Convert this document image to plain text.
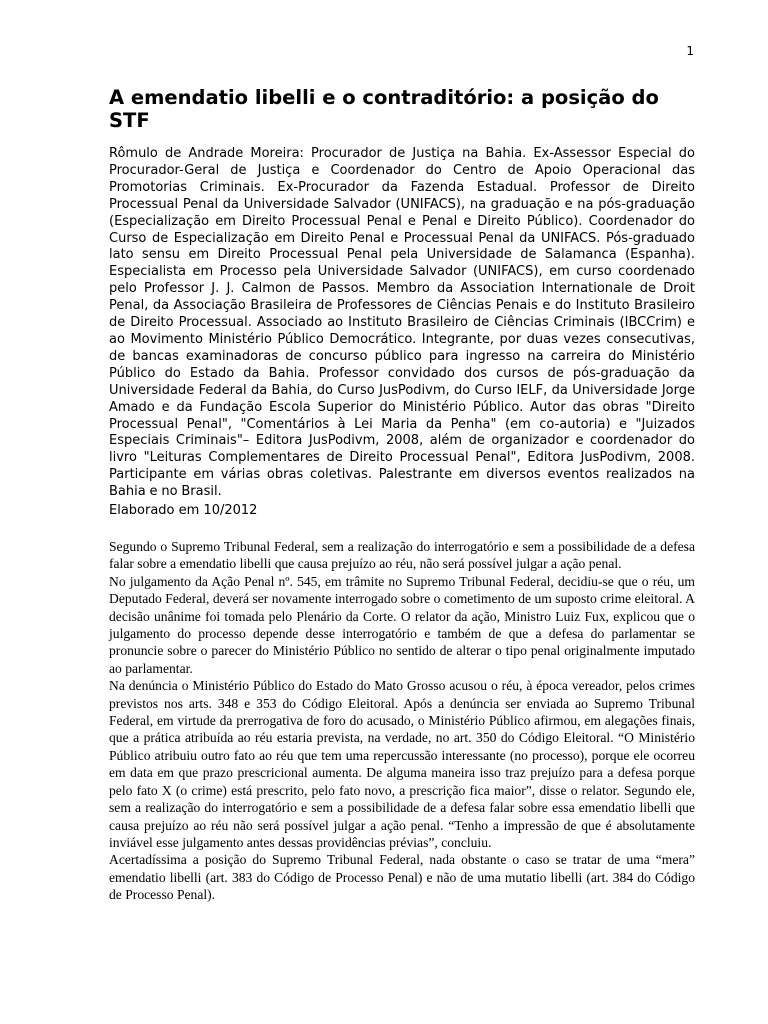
1
A emendatio libelli e o contraditório: a posição do STF

Rômulo de Andrade Moreira: Procurador de Justiça na Bahia. Ex-Assessor Especial do Procurador-Geral de Justiça e Coordenador do Centro de Apoio Operacional das Promotorias Criminais. Ex-Procurador da Fazenda Estadual. Professor de Direito Processual Penal da Universidade Salvador (UNIFACS), na graduação e na pós-graduação (Especialização em Direito Processual Penal e Penal e Direito Público). Coordenador do Curso de Especialização em Direito Penal e Processual Penal da UNIFACS. Pós-graduado lato sensu em Direito Processual Penal pela Universidade de Salamanca (Espanha). Especialista em Processo pela Universidade Salvador (UNIFACS), em curso coordenado pelo Professor J. J. Calmon de Passos. Membro da Association Internationale de Droit Penal, da Associação Brasileira de Professores de Ciências Penais e do Instituto Brasileiro de Direito Processual. Associado ao Instituto Brasileiro de Ciências Criminais (IBCCrim) e ao Movimento Ministério Público Democrático. Integrante, por duas vezes consecutivas, de bancas examinadoras de concurso público para ingresso na carreira do Ministério Público do Estado da Bahia. Professor convidado dos cursos de pós-graduação da Universidade Federal da Bahia, do Curso JusPodivm, do Curso IELF, da Universidade Jorge Amado e da Fundação Escola Superior do Ministério Público. Autor das obras "Direito Processual Penal", "Comentários à Lei Maria da Penha" (em co-autoria) e "Juizados Especiais Criminais"– Editora JusPodivm, 2008, além de organizador e coordenador do livro "Leituras Complementares de Direito Processual Penal", Editora JusPodivm, 2008. Participante em várias obras coletivas. Palestrante em diversos eventos realizados na Bahia e no Brasil.

Elaborado em 10/2012

Segundo o Supremo Tribunal Federal, sem a realização do interrogatório e sem a possibilidade de a defesa falar sobre a emendatio libelli que causa prejuízo ao réu, não será possível julgar a ação penal.

No julgamento da Ação Penal nº. 545, em trâmite no Supremo Tribunal Federal, decidiu-se que o réu, um Deputado Federal, deverá ser novamente interrogado sobre o cometimento de um suposto crime eleitoral. A decisão unânime foi tomada pelo Plenário da Corte. O relator da ação, Ministro Luiz Fux, explicou que o julgamento do processo depende desse interrogatório e também de que a defesa do parlamentar se pronuncie sobre o parecer do Ministério Público no sentido de alterar o tipo penal originalmente imputado ao parlamentar.

Na denúncia o Ministério Público do Estado do Mato Grosso acusou o réu, à época vereador, pelos crimes previstos nos arts. 348 e 353 do Código Eleitoral. Após a denúncia ser enviada ao Supremo Tribunal Federal, em virtude da prerrogativa de foro do acusado, o Ministério Público afirmou, em alegações finais, que a prática atribuída ao réu estaria prevista, na verdade, no art. 350 do Código Eleitoral. “O Ministério Público atribuiu outro fato ao réu que tem uma repercussão interessante (no processo), porque ele ocorreu em data em que prazo prescricional aumenta. De alguma maneira isso traz prejuízo para a defesa porque pelo fato X (o crime) está prescrito, pelo fato novo, a prescrição fica maior”, disse o relator. Segundo ele, sem a realização do interrogatório e sem a possibilidade de a defesa falar sobre essa emendatio libelli que causa prejuízo ao réu não será possível julgar a ação penal. “Tenho a impressão de que é absolutamente inviável esse julgamento antes dessas providências prévias”, concluiu.

Acertadíssima a posição do Supremo Tribunal Federal, nada obstante o caso se tratar de uma “mera” emendatio libelli (art. 383 do Código de Processo Penal) e não de uma mutatio libelli (art. 384 do Código de Processo Penal).
